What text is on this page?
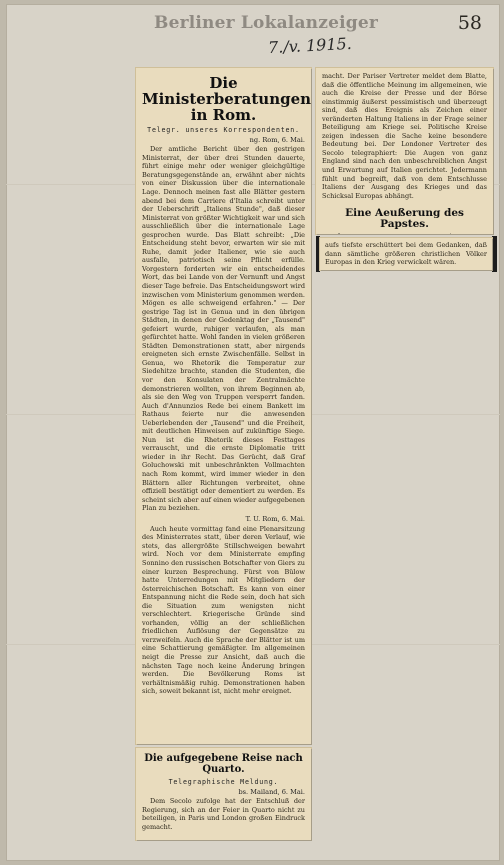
Berliner Lokalanzeiger	58
7./v. 1915.
Die Ministerberatungen
in Rom.
Telegr. unseres Korrespondenten.
ng. Rom, 6. Mai.

Der amtliche Bericht über den gestrigen Ministerrat, der über drei Stunden dauerte, führt einige mehr oder weniger gleichgültige Beratungsgegenstände an, erwähnt aber nichts von einer Diskussion über die internationale Lage. Dennoch meinen fast alle Blätter gestern abend bei dem Carriere d'Italia schreibt unter der Ueberschrift „Italiens Stunde", daß dieser Ministerrat von größter Wichtigkeit war und sich ausschließlich über die internationale Lage gesprochen wurde. Das Blatt schreibt: „Die Entscheidung steht bevor, erwarten wir sie mit Ruhe, damit jeder Italiener, wie sie auch ausfalle, patriotisch seine Pflicht erfülle. Vorgestern forderten wir ein entscheidendes Wort, das bei Lande von der Vernunft und Angst dieser Tage befreie. Das Entscheidungswort wird inzwischen vom Ministerium genommen werden. Mögen es alle schweigend erfahren." — Der gestrige Tag ist in Genua und in den übrigen Städten, in denen der Gedenktag der „Tausend" gefeiert wurde, ruhiger verlaufen, als man gefürchtet hatte. Wohl fanden in vielen größeren Städten Demonstrationen statt, aber nirgends ereigneten sich ernste Zwischenfälle. Selbst in Genua, wo Rhetorik die Temperatur zur Siedehitze brachte, standen die Studenten, die vor den Konsulaten der Zentralmächte demonstrieren wollten, von ihrem Beginnen ab, als sie den Weg von Truppen versperrt fanden. Auch d'Annunzios Rede bei einem Bankett im Rathaus feierte nur die anwesenden Ueberlebenden der „Tausend" und die Freiheit, mit deutlichen Hinweisen auf zukünftige Siege. Nun ist die Rhetorik dieses Festtages verrauscht, und die ernste Diplomatie tritt wieder in ihr Recht. Das Gerücht, daß Graf Goluchowski mit unbeschränkten Vollmachten nach Rom kommt, wird immer wieder in den Blättern aller Richtungen verbreitet, ohne offiziell bestätigt oder dementiert zu werden. Es scheint sich aber auf einen wieder aufgegebenen Plan zu beziehen.

T. U. Rom, 6. Mai.

Auch heute vormittag fand eine Plenarsitzung des Ministerrates statt, über deren Verlauf, wie stets, das allergrößte Stillschweigen bewahrt wird. Noch vor dem Ministerrate empfing Sonnino den russischen Botschafter von Giers zu einer kurzen Besprechung. Fürst von Bülow hatte Unterredungen mit Mitgliedern der österreichischen Botschaft. Es kann von einer Entspannung nicht die Rede sein, doch hat sich die Situation zum wenigsten nicht verschlechtert. Kriegerische Gründe sind vorhanden, völlig an der schließlichen friedlichen Auflösung der Gegensätze zu verzweifeln. Auch die Sprache der Blätter ist um eine Schattierung gemäßigter. Im allgemeinen neigt die Presse zur Ansicht, daß auch die nächsten Tage noch keine Änderung bringen werden. Die Bevölkerung Roms ist verhältnismäßig ruhig. Demonstrationen haben sich, soweit bekannt ist, nicht mehr ereignet.

Die aufgegebene Reise nach Quarto.
Telegraphische Meldung.
bs. Mailand, 6. Mai.

Dem Secolo zufolge hat der Entschluß der Regierung, sich an der Feier in Quarto nicht zu beteiligen, in Paris und London großen Eindruck gemacht.

macht. Der Pariser Vertreter meldet dem Blatte, daß die öffentliche Meinung im allgemeinen, wie auch die Kreise der Presse und der Börse einstimmig äußerst pessimistisch und überzeugt sind, daß dies Ereignis als Zeichen einer veränderten Haltung Italiens in der Frage seiner Beteiligung am Kriege sei. Politische Kreise zeigen indessen die Sache keine besondere Bedeutung bei. Der Londoner Vertreter des Secolo telegraphiert: Die Augen von ganz England sind nach den unbeschreiblichen Angst und Erwartung auf Italien gerichtet. Jedermann fühlt und begreift, daß von dem Entschlusse Italiens der Ausgang des Krieges und das Schicksal Europas abhängt.

Eine Aeußerung des Papstes.

aufs tiefste erschüttert bei dem Gedanken, daß dann sämtliche größeren christlichen Völker Europas in den Krieg verwickelt wären.
